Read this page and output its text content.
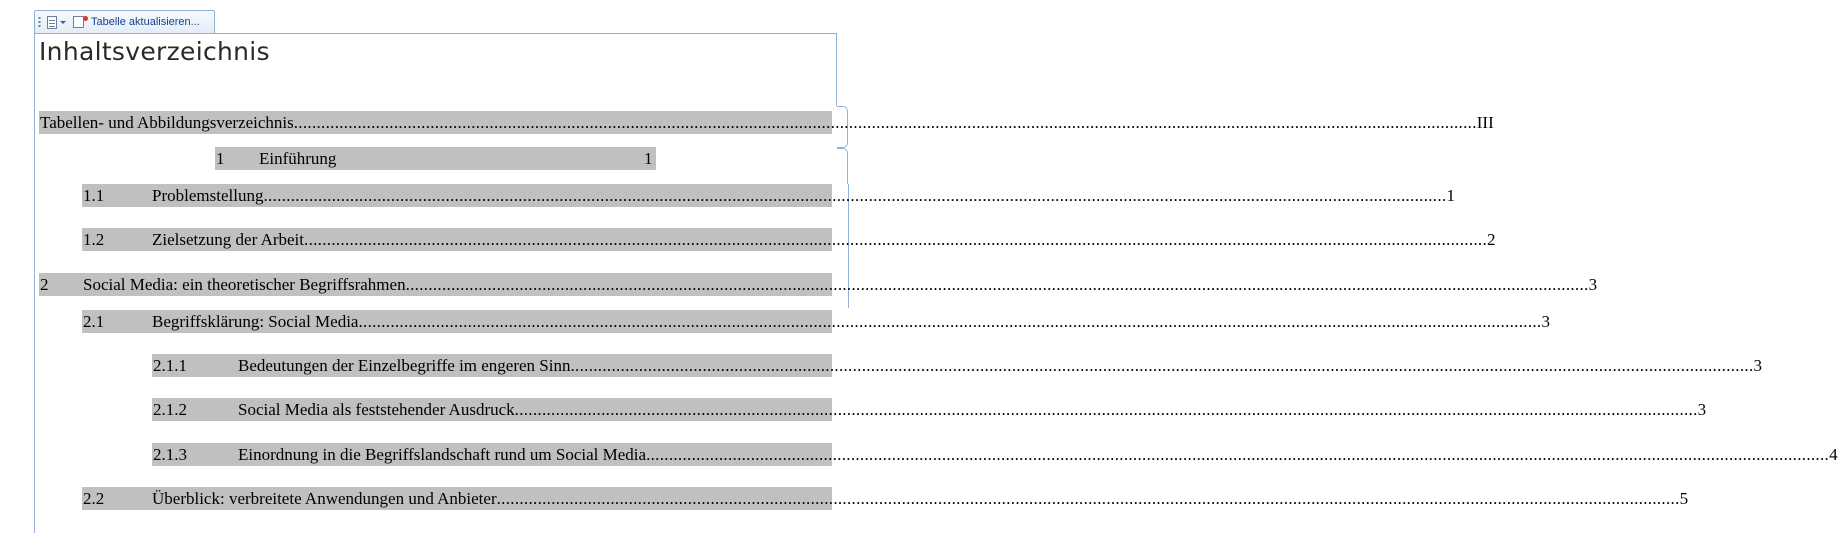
Tabelle aktualisieren...
Inhaltsverzeichnis
Tabellen- und Abbildungsverzeichnis .................................................................................................................................................................................................................................................................... III
1	Einführung	1
1.1	Problemstellung .................................................................................................................................................................................................................................................................... 1
1.2	Zielsetzung der Arbeit .................................................................................................................................................................................................................................................................... 2
2	Social Media: ein theoretischer Begriffsrahmen .................................................................................................................................................................................................................................................................... 3
2.1	Begriffsklärung: Social Media .................................................................................................................................................................................................................................................................... 3
2.1.1	Bedeutungen der Einzelbegriffe im engeren Sinn .................................................................................................................................................................................................................................................................... 3
2.1.2	Social Media als feststehender Ausdruck .................................................................................................................................................................................................................................................................... 3
2.1.3	Einordnung in die Begriffslandschaft rund um Social Media .................................................................................................................................................................................................................................................................... 4
2.2	Überblick: verbreitete Anwendungen und Anbieter .................................................................................................................................................................................................................................................................... 5
